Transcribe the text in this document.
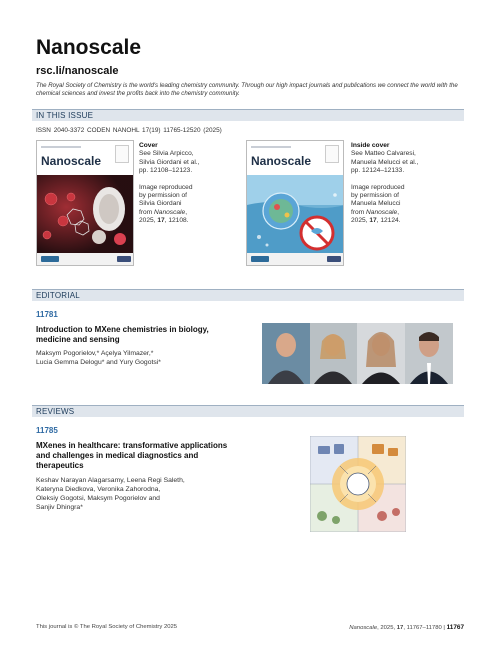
Nanoscale
rsc.li/nanoscale
The Royal Society of Chemistry is the world's leading chemistry community. Through our high impact journals and publications we connect the world with the chemical sciences and invest the profits back into the chemistry community.
IN THIS ISSUE
ISSN 2040-3372 CODEN NANOHL 17(19) 11765-12520 (2025)
Nanoscale
Cover
See Silvia Arpicco,
Silvia Giordani et al.,
pp. 12108–12123.
Image reproduced
by permission of
Silvia Giordani
from Nanoscale,
2025, 17, 12108.
Nanoscale
Inside cover
See Matteo Calvaresi,
Manuela Melucci et al.,
pp. 12124–12133.
Image reproduced
by permission of
Manuela Melucci
from Nanoscale,
2025, 17, 12124.
EDITORIAL
11781
Introduction to MXene chemistries in biology,
medicine and sensing
Maksym Pogorielov,* Açelya Yilmazer,*
Lucia Gemma Delogu* and Yury Gogotsi*
REVIEWS
11785
MXenes in healthcare: transformative applications
and challenges in medical diagnostics and
therapeutics
Keshav Narayan Alagarsamy, Leena Regi Saleth,
Kateryna Diedkova, Veronika Zahorodna,
Oleksiy Gogotsi, Maksym Pogorielov and
Sanjiv Dhingra*
This journal is © The Royal Society of Chemistry 2025	Nanoscale, 2025, 17, 11767–11780 | 11767
